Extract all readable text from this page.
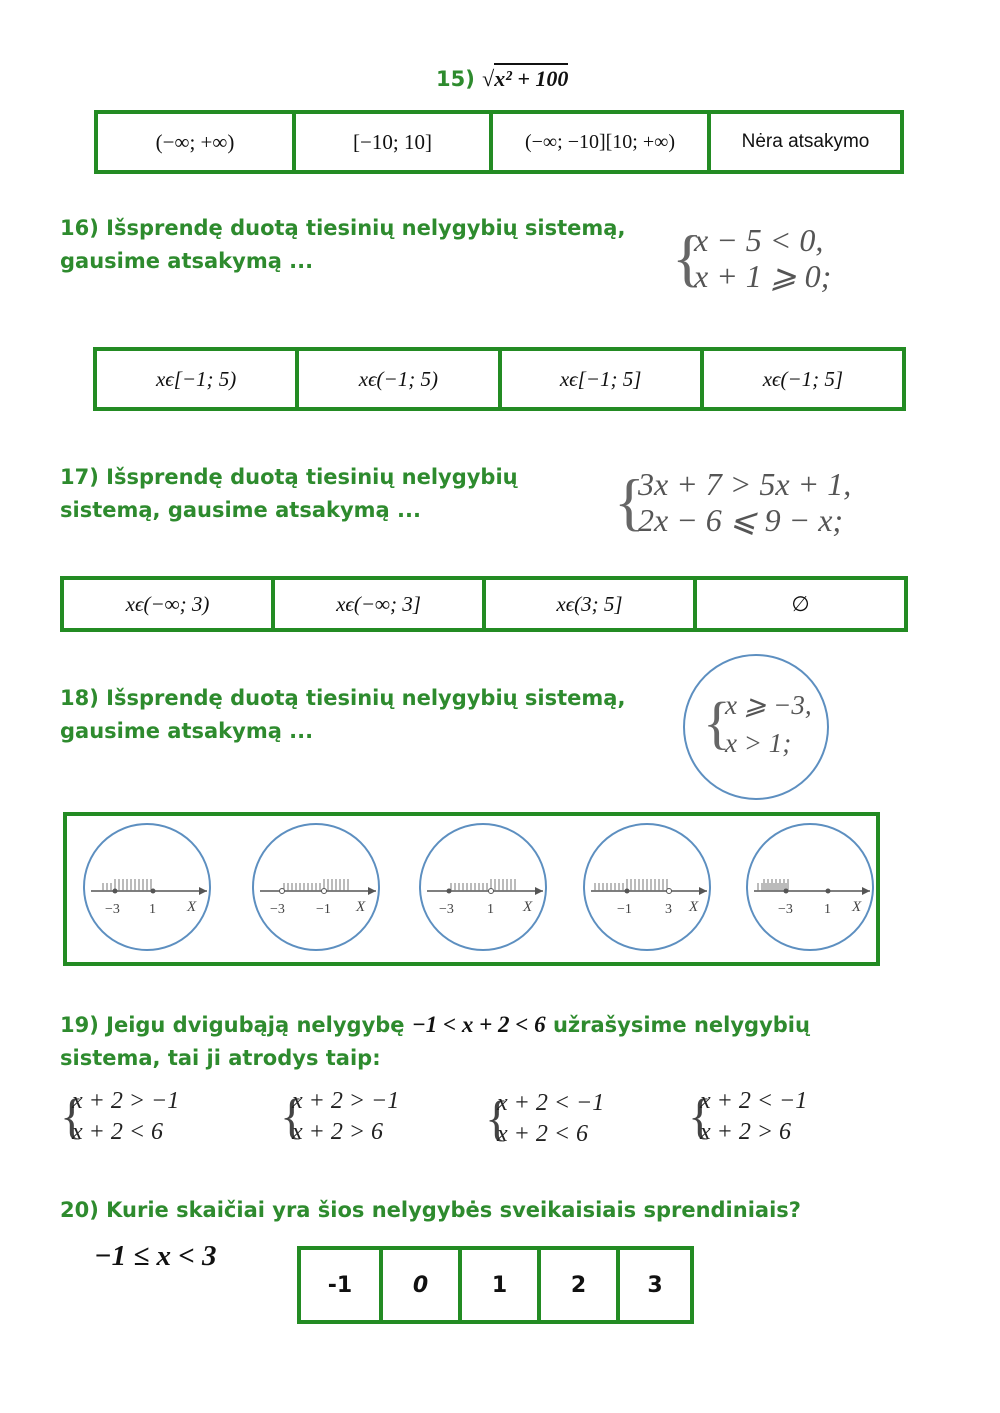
15) √x² + 100
(−∞; +∞)	[−10; 10]	(−∞; −10][10; +∞)	Nėra atsakymo
16) Išsprendę duotą tiesinių nelygybių sistemą,
gausime atsakymą ...	{
x − 5 < 0,
x + 1 ⩾ 0;
xϵ[−1; 5)	xϵ(−1; 5)	xϵ[−1; 5]	xϵ(−1; 5]
17) Išsprendę duotą tiesinių nelygybių
sistemą, gausime atsakymą ...	{
3x + 7 > 5x + 1,
2x − 6 ⩽ 9 − x;
xϵ(−∞; 3)	xϵ(−∞; 3]	xϵ(3; 5]	∅
18) Išsprendę duotą tiesinių nelygybių sistemą,
gausime atsakymą ...	{
x ⩾ −3,
x > 1;
−3 1 X	−3 −1 X	−3 1 X	−1 3 X	−3 1 X
19) Jeigu dvigubąją nelygybę −1 < x + 2 < 6 užrašysime nelygybių
sistema, tai ji atrodys taip:
{
x + 2 > −1
x + 2 < 6 {
x + 2 > −1
x + 2 > 6 {
x + 2 < −1
x + 2 < 6 {
x + 2 < −1
x + 2 > 6
20) Kurie skaičiai yra šios nelygybės sveikaisiais sprendiniais?
−1 ≤ x < 3
-1	0	1	2	3
